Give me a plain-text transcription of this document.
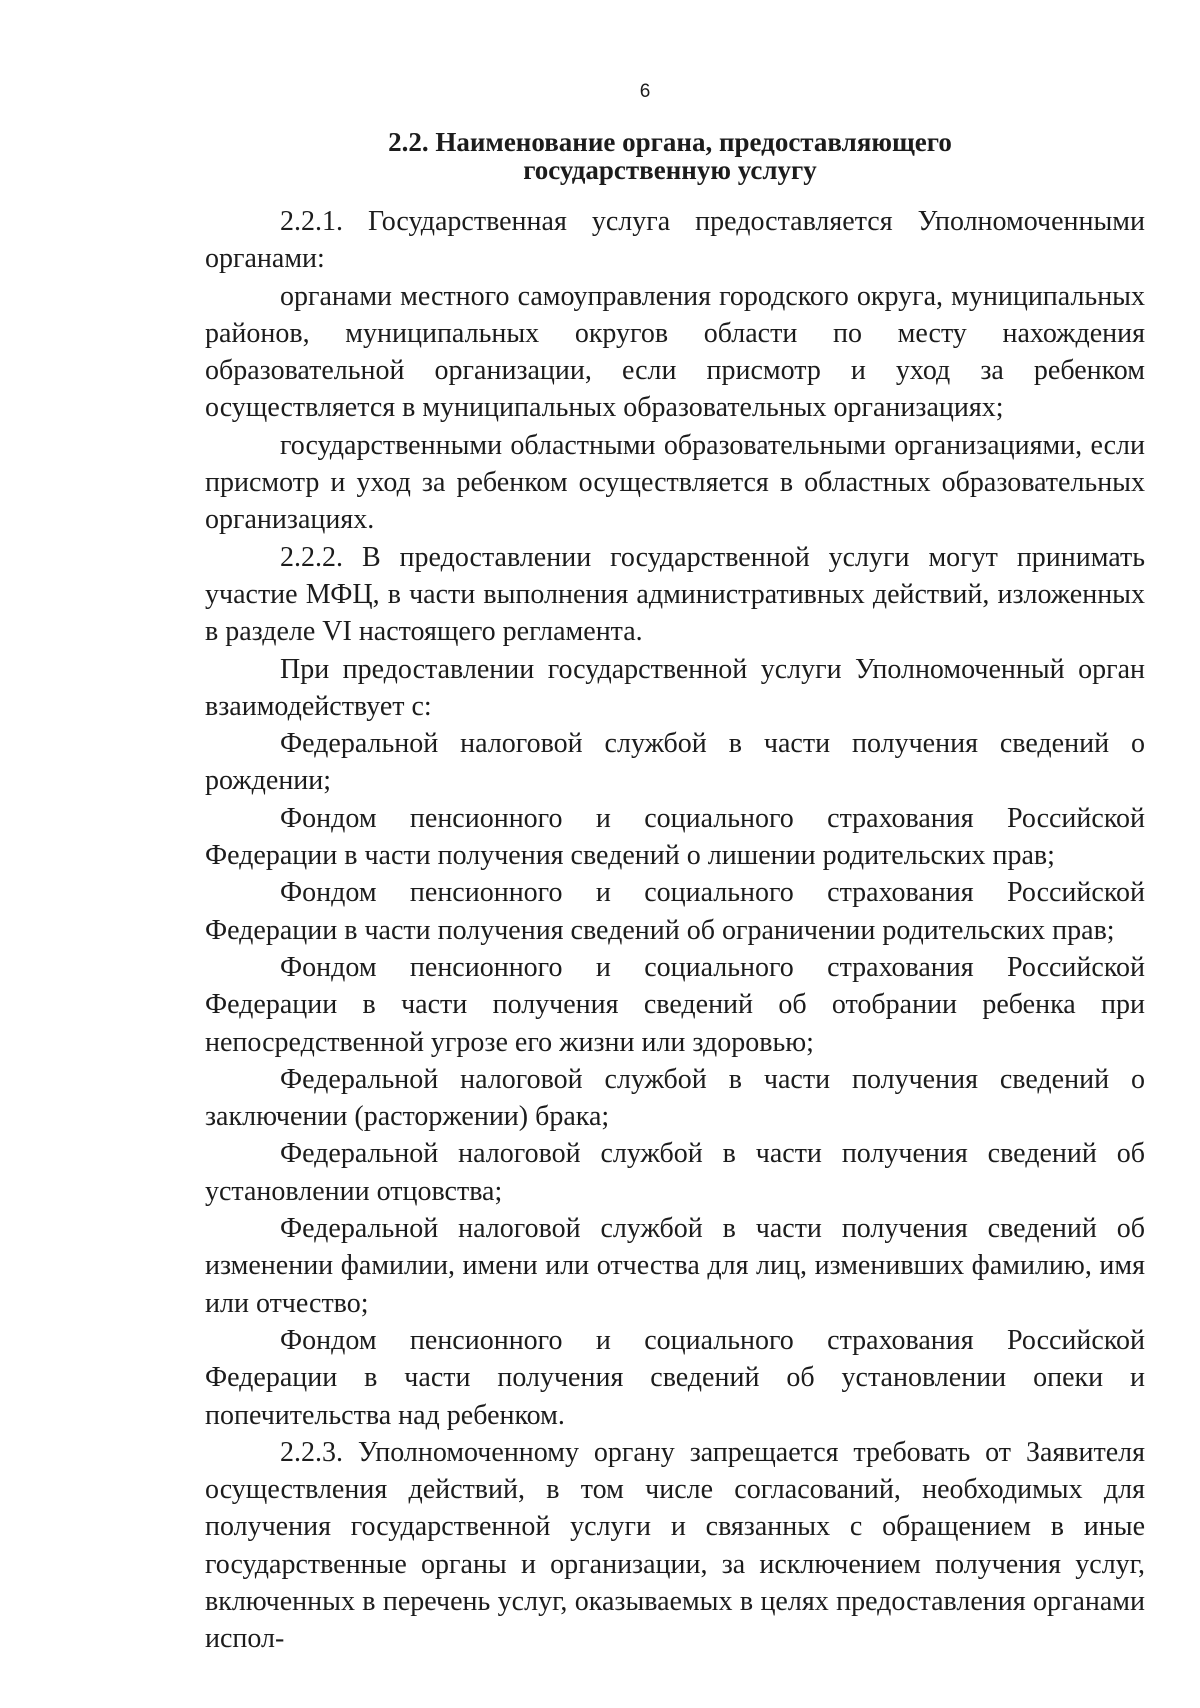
6
2.2. Наименование органа, предоставляющего
государственную услугу

2.2.1. Государственная услуга предоставляется Уполномоченными органами:

органами местного самоуправления городского округа, муниципальных районов, муниципальных округов области по месту нахождения образовательной организации, если присмотр и уход за ребенком осуществляется в муниципальных образовательных организациях;

государственными областными образовательными организациями, если присмотр и уход за ребенком осуществляется в областных образовательных организациях.

2.2.2. В предоставлении государственной услуги могут принимать участие МФЦ, в части выполнения административных действий, изложенных в разделе VI настоящего регламента.

При предоставлении государственной услуги Уполномоченный орган взаимодействует с:

Федеральной налоговой службой в части получения сведений о рождении;

Фондом пенсионного и социального страхования Российской Федерации в части получения сведений о лишении родительских прав;

Фондом пенсионного и социального страхования Российской Федерации в части получения сведений об ограничении родительских прав;

Фондом пенсионного и социального страхования Российской Федерации в части получения сведений об отобрании ребенка при непосредственной угрозе его жизни или здоровью;

Федеральной налоговой службой в части получения сведений о заключении (расторжении) брака;

Федеральной налоговой службой в части получения сведений об установлении отцовства;

Федеральной налоговой службой в части получения сведений об изменении фамилии, имени или отчества для лиц, изменивших фамилию, имя или отчество;

Фондом пенсионного и социального страхования Российской Федерации в части получения сведений об установлении опеки и попечительства над ребенком.

2.2.3. Уполномоченному органу запрещается требовать от Заявителя осуществления действий, в том числе согласований, необходимых для получения государственной услуги и связанных с обращением в иные государственные органы и организации, за исключением получения услуг, включенных в перечень услуг, оказываемых в целях предоставления органами испол-
